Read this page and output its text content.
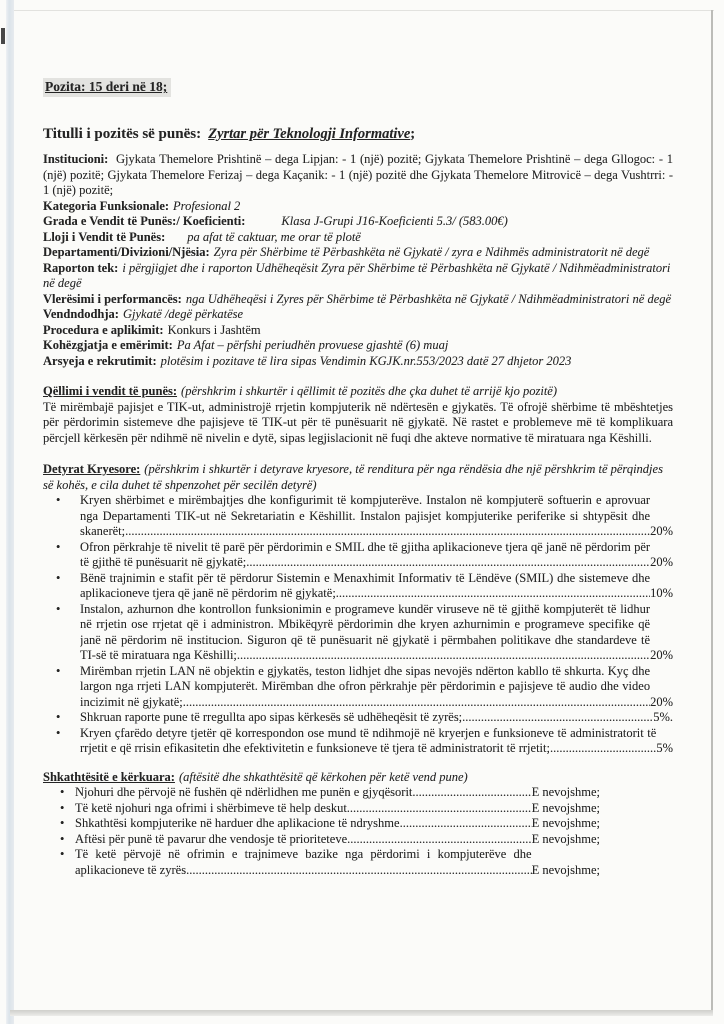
Pozita: 15 deri në 18;
Titulli i pozitës së punës: Zyrtar për Teknologji Informative;

Institucioni: Gjykata Themelore Prishtinë – dega Lipjan: - 1 (një) pozitë; Gjykata Themelore Prishtinë – dega Gllogoc: - 1 (një) pozitë; Gjykata Themelore Ferizaj – dega Kaçanik: - 1 (një) pozitë dhe Gjykata Themelore Mitrovicë – dega Vushtrri: - 1 (një) pozitë;

Kategoria Funksionale: Profesional 2
Grada e Vendit të Punës:/ Koeficienti:	Klasa J-Grupi J16-Koeficienti 5.3/ (583.00€)
Lloji i Vendit të Punës: pa afat të caktuar, me orar të plotë
Departamenti/Divizioni/Njësia: Zyra për Shërbime të Përbashkëta në Gjykatë / zyra e Ndihmës administratorit në degë
Raporton tek: i përgjigjet dhe i raporton Udhëheqësit Zyra për Shërbime të Përbashkëta në Gjykatë / Ndihmëadministratori në degë
Vlerësimi i performancës: nga Udhëheqësi i Zyres për Shërbime të Përbashkëta në Gjykatë / Ndihmëadministratori në degë
Vendndodhja: Gjykatë /degë përkatëse
Procedura e aplikimit: Konkurs i Jashtëm
Kohëzgjatja e emërimit: Pa Afat – përfshi periudhën provuese gjashtë (6) muaj
Arsyeja e rekrutimit: plotësim i pozitave të lira sipas Vendimin KGJK.nr.553/2023 datë 27 dhjetor 2023
Qëllimi i vendit të punës: (përshkrim i shkurtër i qëllimit të pozitës dhe çka duhet të arrijë kjo pozitë)
Të mirëmbajë pajisjet e TIK-ut, administrojë rrjetin kompjuterik në ndërtesën e gjykatës. Të ofrojë shërbime të mbështetjes për përdorimin sistemeve dhe pajisjeve të TIK-ut për të punësuarit në gjykatë. Në rastet e problemeve më të komplikuara përcjell kërkesën për ndihmë në nivelin e dytë, sipas legjislacionit në fuqi dhe akteve normative të miratuara nga Këshilli.
Detyrat Kryesore: (përshkrim i shkurtër i detyrave kryesore, të renditura për nga rëndësia dhe një përshkrim të përqindjes së kohës, e cila duhet të shpenzohet për secilën detyrë)
•
Kryen shërbimet e mirëmbajtjes dhe konfigurimit të kompjuterëve. Instalon në kompjuterë softuerin e aprovuar nga Departamenti TIK-ut në Sekretariatin e Këshillit. Instalon pajisjet kompjuterike periferike si shtypësit dhe skanerët; .....	20%
•
Ofron përkrahje të nivelit të parë për përdorimin e SMIL dhe të gjitha aplikacioneve tjera që janë në përdorim për të gjithë të punësuarit në gjykatë; .....	20%
•
Bënë trajnimin e stafit për të përdorur Sistemin e Menaxhimit Informativ të Lëndëve (SMIL) dhe sistemeve dhe aplikacioneve tjera që janë në përdorim në gjykatë; .....	10%
•
Instalon, azhurnon dhe kontrollon funksionimin e programeve kundër viruseve në të gjithë kompjuterët të lidhur në rrjetin ose rrjetat që i administron. Mbikëqyrë përdorimin dhe kryen azhurnimin e programeve specifike që janë në përdorim në institucion. Siguron që të punësuarit në gjykatë i përmbahen politikave dhe standardeve të TI-së të miratuara nga Këshilli; .....	20%
•
Mirëmban rrjetin LAN në objektin e gjykatës, teston lidhjet dhe sipas nevojës ndërton kabllo të shkurta. Kyç dhe largon nga rrjeti LAN kompjuterët. Mirëmban dhe ofron përkrahje për përdorimin e pajisjeve të audio dhe video incizimit në gjykatë; .....	20%
•
Shkruan raporte pune të rregullta apo sipas kërkesës së udhëheqësit të zyrës; .....	5%.
•
Kryen çfarëdo detyre tjetër që korrespondon ose mund të ndihmojë në kryerjen e funksioneve të administratorit të rrjetit e që rrisin efikasitetin dhe efektivitetin e funksioneve të tjera të administratorit të rrjetit; .....	5%
Shkathtësitë e kërkuara: (aftësitë dhe shkathtësitë që kërkohen për ketë vend pune)
•
Njohuri dhe përvojë në fushën që ndërlidhen me punën e gjyqësorit .....	E nevojshme;
•
Të ketë njohuri nga ofrimi i shërbimeve të help deskut .....	E nevojshme;
•
Shkathtësi kompjuterike në harduer dhe aplikacione të ndryshme .....	E nevojshme;
•
Aftësi për punë të pavarur dhe vendosje të prioriteteve .....	E nevojshme;
•
Të ketë përvojë në ofrimin e trajnimeve bazike nga përdorimi i kompjuterëve dhe aplikacioneve të zyrës .....	E nevojshme;
